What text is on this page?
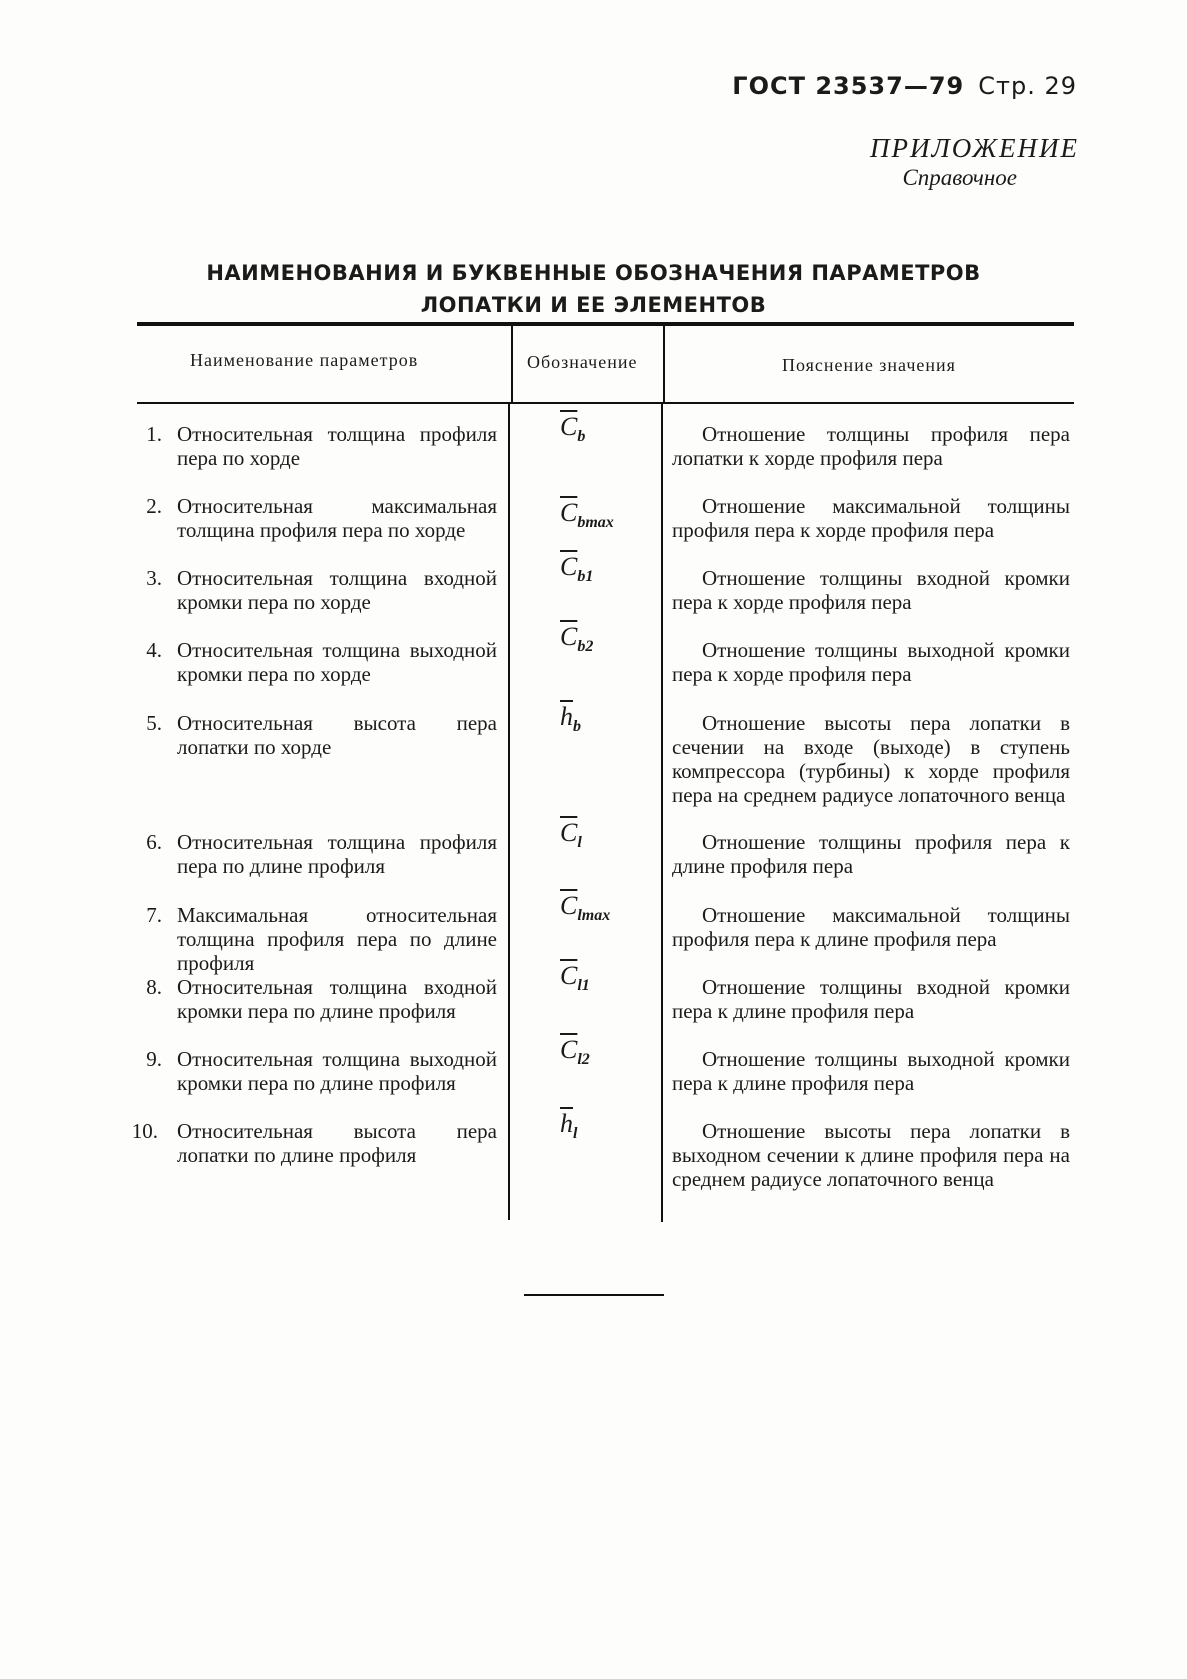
ГОСТ 23537—79 Стр. 29
ПРИЛОЖЕНИЕ
Справочное
НАИМЕНОВАНИЯ И БУКВЕННЫЕ ОБОЗНАЧЕНИЯ ПАРАМЕТРОВ
ЛОПАТКИ И ЕЕ ЭЛЕМЕНТОВ
Наименование параметров	Обозначение	Пояснение значения
1. Относительная толщина профиля пера по хорде
$\overline{C}_b$	Отношение толщины профиля пера лопатки к хорде профиля пера
2. Относительная максимальная толщина профиля пера по хорде
$\overline{C}_{bmax}$
Отношение максимальной толщины профиля пера к хорде профиля пера
3. Относительная толщина входной кромки пера по хорде
$\overline{C}_{b1}$	Отношение толщины входной кромки пера к хорде профиля пера
4. Относительная толщина выходной кромки пера по хорде
$\overline{C}_{b2}$	Отношение толщины выходной кромки пера к хорде профиля пера
5. Относительная высота пера лопатки по хорде
$\overline{h}_b$	Отношение высоты пера лопатки в сечении на входе (выходе) в ступень компрессора (турбины) к хорде профиля пера на среднем радиусе лопаточного венца
6. Относительная толщина профиля пера по длине профиля
$\overline{C}_l$	Отношение толщины профиля пера к длине профиля пера
7. Максимальная относительная толщина профиля пера по длине профиля
$\overline{C}_{lmax}$	Отношение максимальной толщины профиля пера к длине профиля пера
8. Относительная толщина входной кромки пера по длине профиля
$\overline{C}_{l1}$	Отношение толщины входной кромки пера к длине профиля пера
9. Относительная толщина выходной кромки пера по длине профиля
$\overline{C}_{l2}$	Отношение толщины выходной кромки пера к длине профиля пера
10. Относительная высота пера лопатки по длине профиля
$\overline{h}_l$	Отношение высоты пера лопатки в выходном сечении к длине профиля пера на среднем радиусе лопаточного венца
